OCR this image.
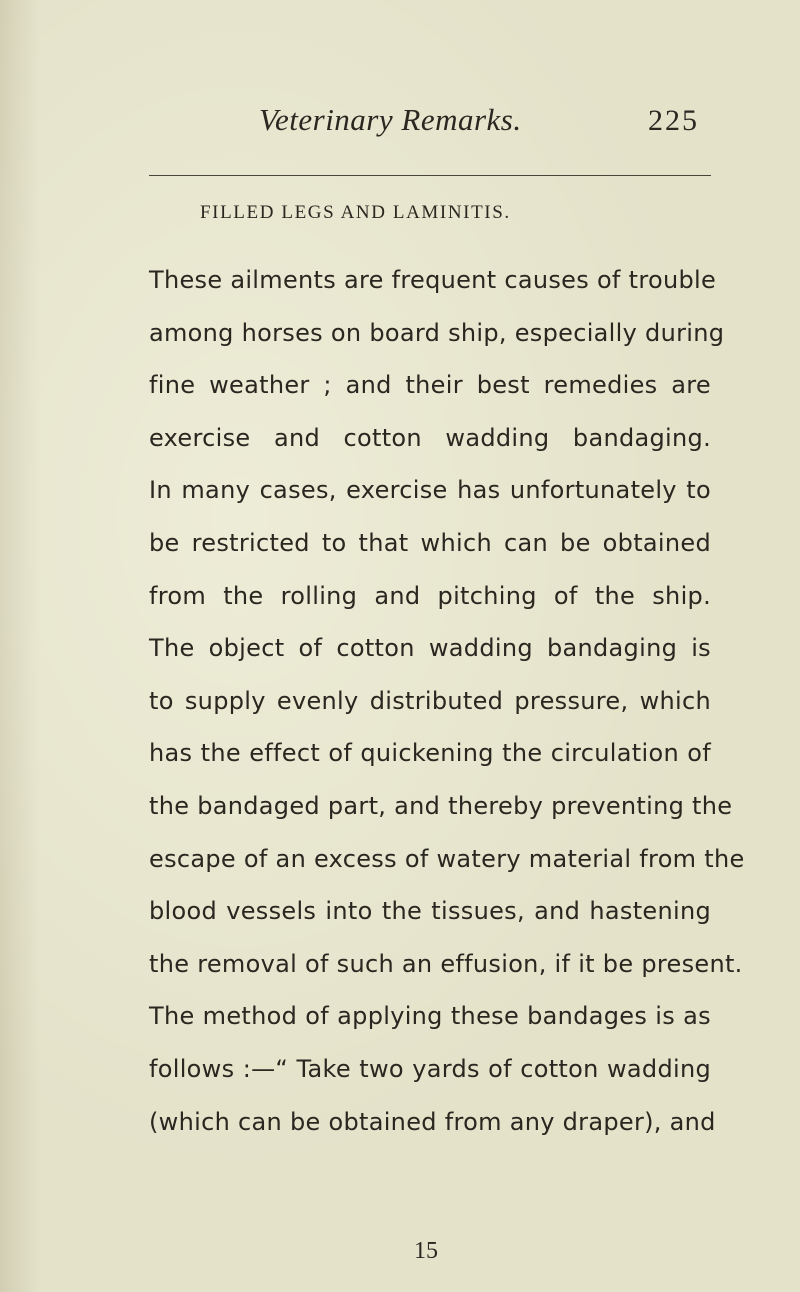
Veterinary Remarks.	225
FILLED LEGS AND LAMINITIS.
These ailments are frequent causes of trouble
among horses on board ship, especially during
fine weather ; and their best remedies are
exercise and cotton wadding bandaging.
In many cases, exercise has unfortunately to
be restricted to that which can be obtained
from the rolling and pitching of the ship.
The object of cotton wadding bandaging is
to supply evenly distributed pressure, which
has the effect of quickening the circulation of
the bandaged part, and thereby preventing the
escape of an excess of watery material from the
blood vessels into the tissues, and hastening
the removal of such an effusion, if it be present.
The method of applying these bandages is as
follows :—“ Take two yards of cotton wadding
(which can be obtained from any draper), and
15
